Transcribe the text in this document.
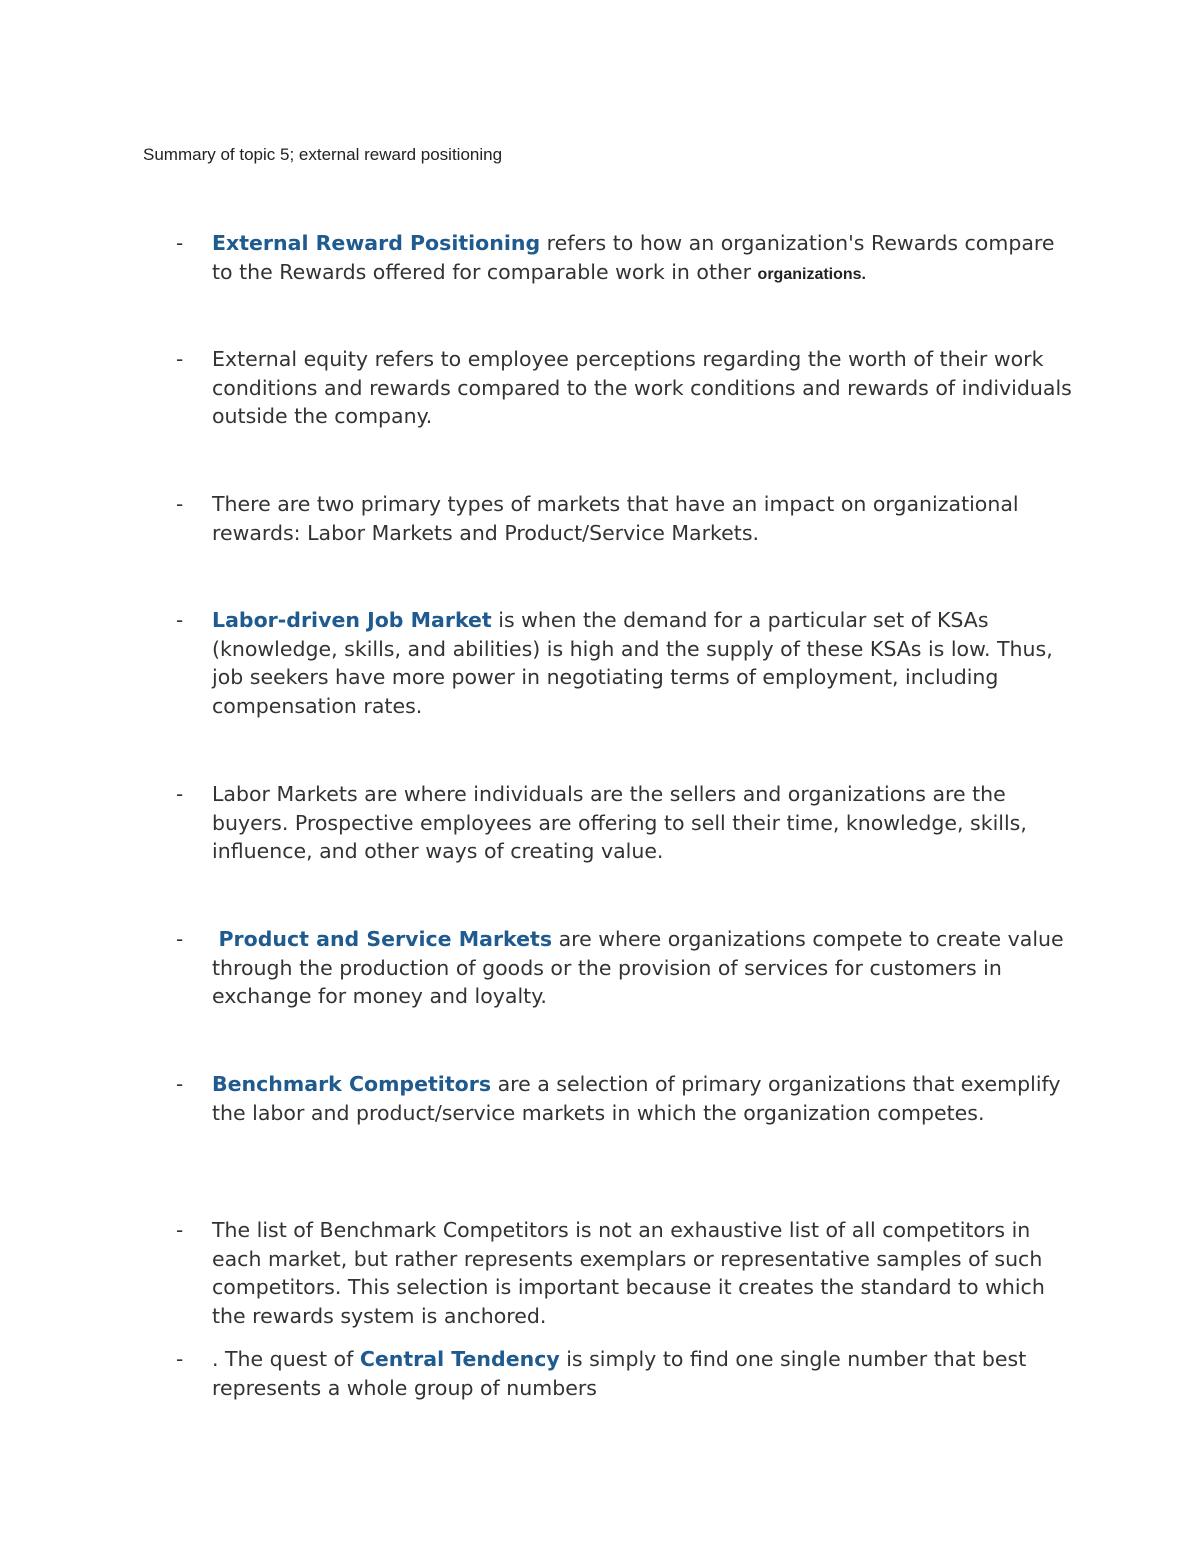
Summary of topic 5; external reward positioning
-	External Reward Positioning refers to how an organization's Rewards compare to the Rewards offered for comparable work in other organizations.
-	External equity refers to employee perceptions regarding the worth of their work conditions and rewards compared to the work conditions and rewards of individuals outside the company.
-	There are two primary types of markets that have an impact on organizational rewards: Labor Markets and Product/Service Markets.
-	Labor-driven Job Market is when the demand for a particular set of KSAs (knowledge, skills, and abilities) is high and the supply of these KSAs is low. Thus, job seekers have more power in negotiating terms of employment, including compensation rates.
-	Labor Markets are where individuals are the sellers and organizations are the buyers. Prospective employees are offering to sell their time, knowledge, skills, influence, and other ways of creating value.
-	Product and Service Markets are where organizations compete to create value through the production of goods or the provision of services for customers in exchange for money and loyalty.
-	Benchmark Competitors are a selection of primary organizations that exemplify the labor and product/service markets in which the organization competes.
-	The list of Benchmark Competitors is not an exhaustive list of all competitors in each market, but rather represents exemplars or representative samples of such competitors. This selection is important because it creates the standard to which the rewards system is anchored.
-	. The quest of Central Tendency is simply to find one single number that best represents a whole group of numbers
